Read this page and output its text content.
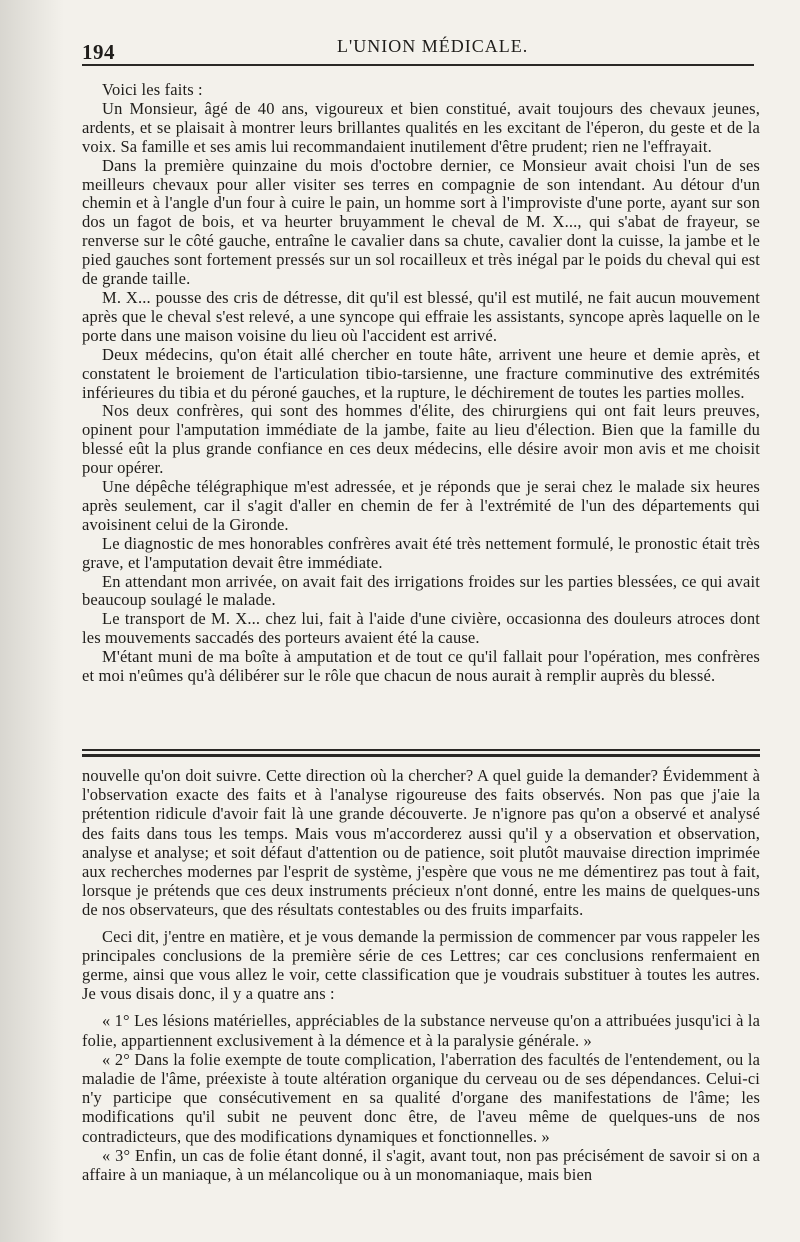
194	L'UNION MÉDICALE.

Voici les faits :

Un Monsieur, âgé de 40 ans, vigoureux et bien constitué, avait toujours des chevaux jeunes, ardents, et se plaisait à montrer leurs brillantes qualités en les excitant de l'éperon, du geste et de la voix. Sa famille et ses amis lui recommandaient inutilement d'être prudent; rien ne l'effrayait.

Dans la première quinzaine du mois d'octobre dernier, ce Monsieur avait choisi l'un de ses meilleurs chevaux pour aller visiter ses terres en compagnie de son intendant. Au détour d'un chemin et à l'angle d'un four à cuire le pain, un homme sort à l'improviste d'une porte, ayant sur son dos un fagot de bois, et va heurter bruyamment le cheval de M. X..., qui s'abat de frayeur, se renverse sur le côté gauche, entraîne le cavalier dans sa chute, cavalier dont la cuisse, la jambe et le pied gauches sont fortement pressés sur un sol rocailleux et très inégal par le poids du cheval qui est de grande taille.

M. X... pousse des cris de détresse, dit qu'il est blessé, qu'il est mutilé, ne fait aucun mouvement après que le cheval s'est relevé, a une syncope qui effraie les assistants, syncope après laquelle on le porte dans une maison voisine du lieu où l'accident est arrivé.

Deux médecins, qu'on était allé chercher en toute hâte, arrivent une heure et demie après, et constatent le broiement de l'articulation tibio-tarsienne, une fracture comminutive des extrémités inférieures du tibia et du péroné gauches, et la rupture, le déchirement de toutes les parties molles.

Nos deux confrères, qui sont des hommes d'élite, des chirurgiens qui ont fait leurs preuves, opinent pour l'amputation immédiate de la jambe, faite au lieu d'élection. Bien que la famille du blessé eût la plus grande confiance en ces deux médecins, elle désire avoir mon avis et me choisit pour opérer.

Une dépêche télégraphique m'est adressée, et je réponds que je serai chez le malade six heures après seulement, car il s'agit d'aller en chemin de fer à l'extrémité de l'un des départements qui avoisinent celui de la Gironde.

Le diagnostic de mes honorables confrères avait été très nettement formulé, le pronostic était très grave, et l'amputation devait être immédiate.

En attendant mon arrivée, on avait fait des irrigations froides sur les parties blessées, ce qui avait beaucoup soulagé le malade.

Le transport de M. X... chez lui, fait à l'aide d'une civière, occasionna des douleurs atroces dont les mouvements saccadés des porteurs avaient été la cause.

M'étant muni de ma boîte à amputation et de tout ce qu'il fallait pour l'opération, mes confrères et moi n'eûmes qu'à délibérer sur le rôle que chacun de nous aurait à remplir auprès du blessé.

nouvelle qu'on doit suivre. Cette direction où la chercher? A quel guide la demander? Évidemment à l'observation exacte des faits et à l'analyse rigoureuse des faits observés. Non pas que j'aie la prétention ridicule d'avoir fait là une grande découverte. Je n'ignore pas qu'on a observé et analysé des faits dans tous les temps. Mais vous m'accorderez aussi qu'il y a observation et observation, analyse et analyse; et soit défaut d'attention ou de patience, soit plutôt mauvaise direction imprimée aux recherches modernes par l'esprit de système, j'espère que vous ne me démentirez pas tout à fait, lorsque je prétends que ces deux instruments précieux n'ont donné, entre les mains de quelques-uns de nos observateurs, que des résultats contestables ou des fruits imparfaits.

Ceci dit, j'entre en matière, et je vous demande la permission de commencer par vous rappeler les principales conclusions de la première série de ces Lettres; car ces conclusions renfermaient en germe, ainsi que vous allez le voir, cette classification que je voudrais substituer à toutes les autres. Je vous disais donc, il y a quatre ans :

« 1° Les lésions matérielles, appréciables de la substance nerveuse qu'on a attribuées jusqu'ici à la folie, appartiennent exclusivement à la démence et à la paralysie générale. »

« 2° Dans la folie exempte de toute complication, l'aberration des facultés de l'entendement, ou la maladie de l'âme, préexiste à toute altération organique du cerveau ou de ses dépendances. Celui-ci n'y participe que consécutivement en sa qualité d'organe des manifestations de l'âme; les modifications qu'il subit ne peuvent donc être, de l'aveu même de quelques-uns de nos contradicteurs, que des modifications dynamiques et fonctionnelles. »

« 3° Enfin, un cas de folie étant donné, il s'agit, avant tout, non pas précisément de savoir si on a affaire à un maniaque, à un mélancolique ou à un monomaniaque, mais bien
